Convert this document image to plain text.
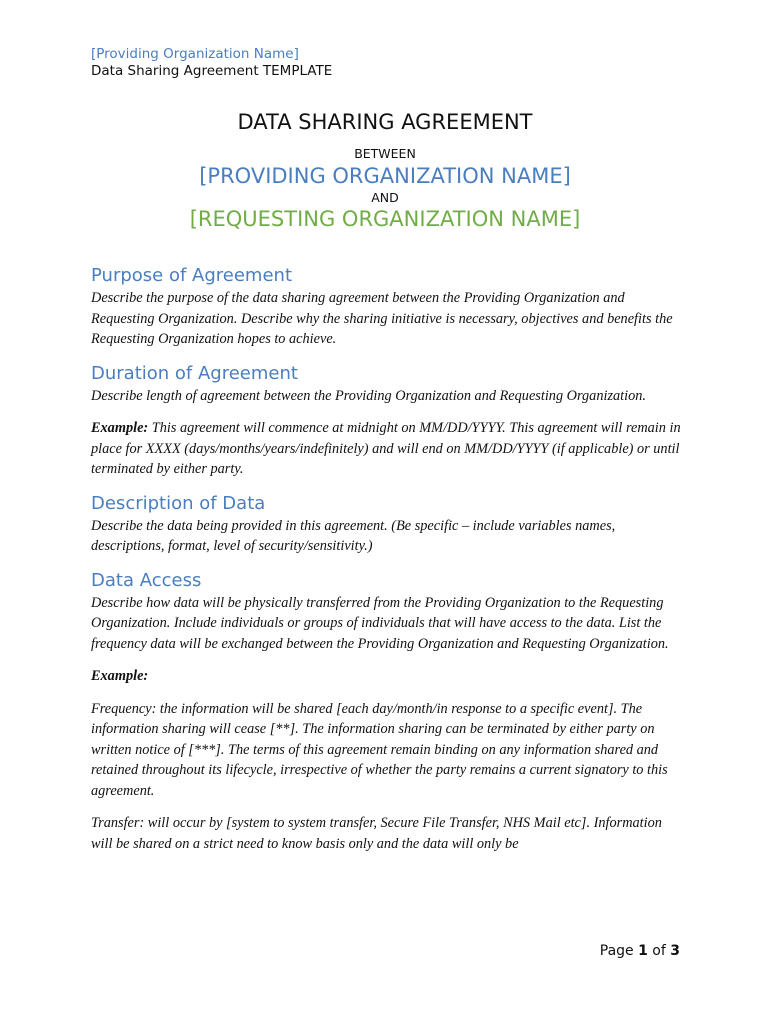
[Providing Organization Name]
Data Sharing Agreement TEMPLATE
DATA SHARING AGREEMENT
BETWEEN
[PROVIDING ORGANIZATION NAME]
AND
[REQUESTING ORGANIZATION NAME]
Purpose of Agreement

Describe the purpose of the data sharing agreement between the Providing Organization and Requesting Organization. Describe why the sharing initiative is necessary, objectives and benefits the Requesting Organization hopes to achieve.

Duration of Agreement

Describe length of agreement between the Providing Organization and Requesting Organization.

Example: This agreement will commence at midnight on MM/DD/YYYY. This agreement will remain in place for XXXX (days/months/years/indefinitely) and will end on MM/DD/YYYY (if applicable) or until terminated by either party.

Description of Data

Describe the data being provided in this agreement. (Be specific – include variables names, descriptions, format, level of security/sensitivity.)

Data Access

Describe how data will be physically transferred from the Providing Organization to the Requesting Organization. Include individuals or groups of individuals that will have access to the data. List the frequency data will be exchanged between the Providing Organization and Requesting Organization.

Example:

Frequency: the information will be shared [each day/month/in response to a specific event]. The information sharing will cease [**]. The information sharing can be terminated by either party on written notice of [***]. The terms of this agreement remain binding on any information shared and retained throughout its lifecycle, irrespective of whether the party remains a current signatory to this agreement.

Transfer: will occur by [system to system transfer, Secure File Transfer, NHS Mail etc]. Information will be shared on a strict need to know basis only and the data will only be

Page 1 of 3
